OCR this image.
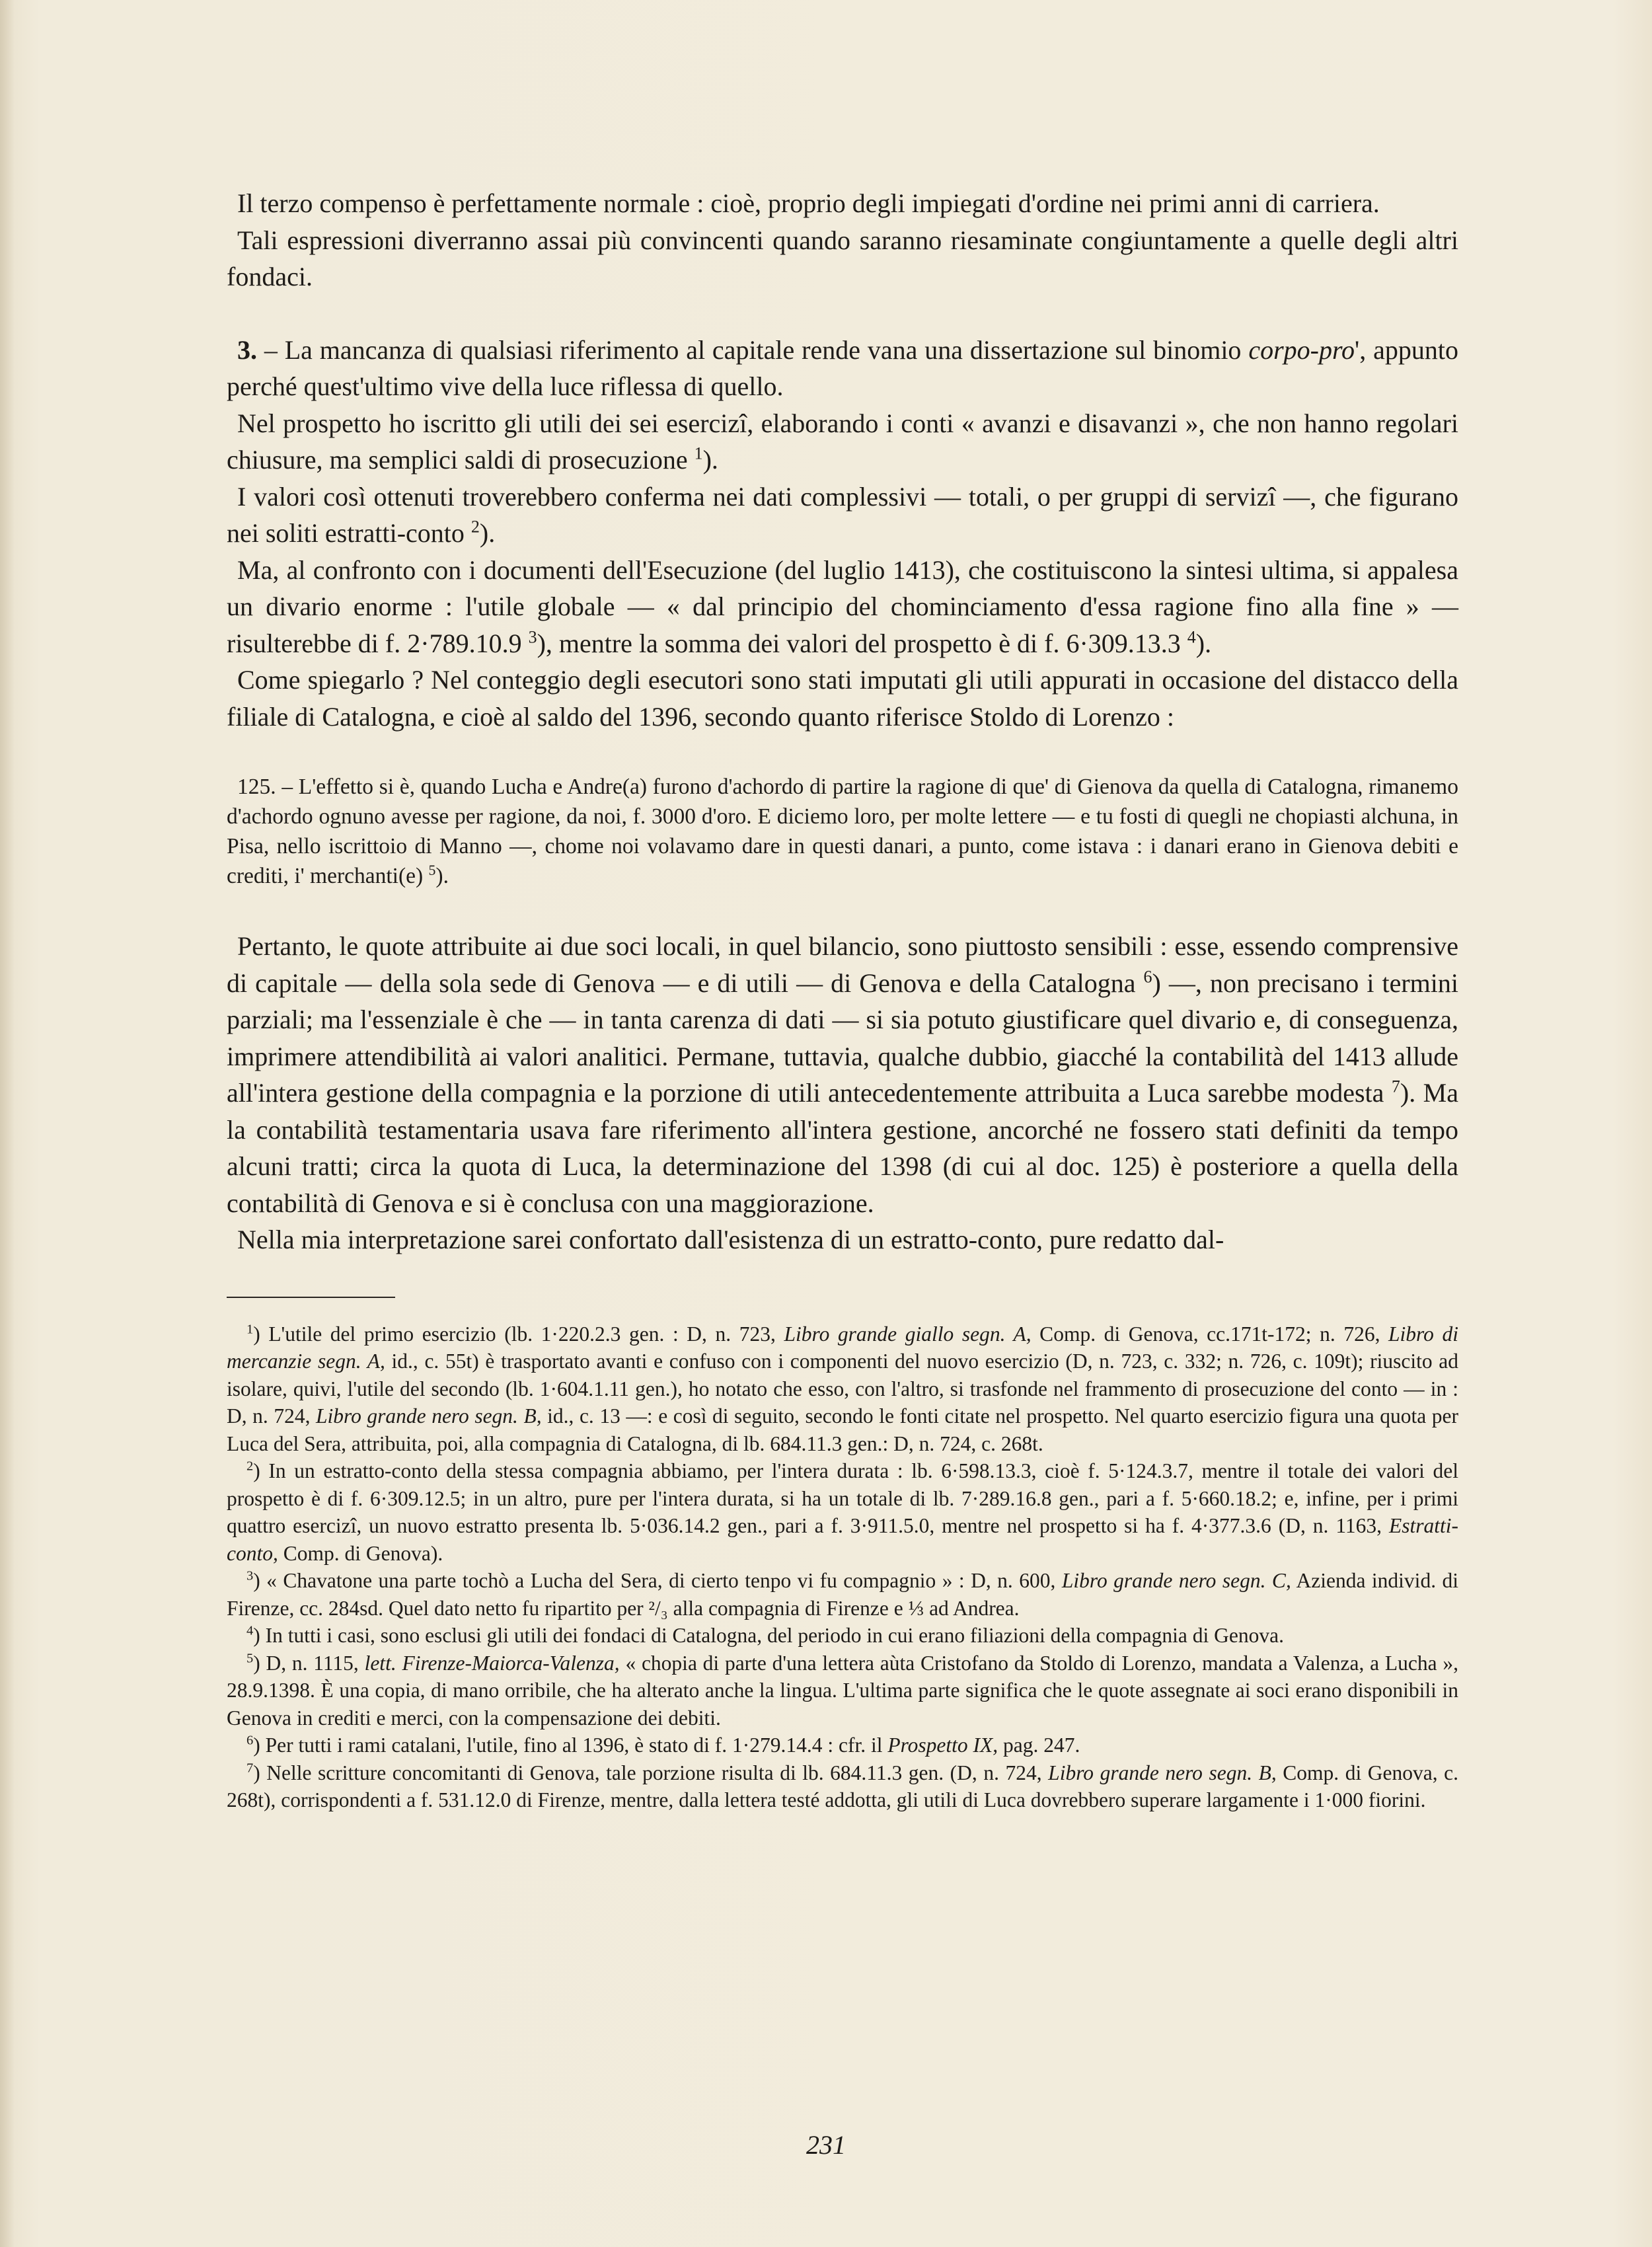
Il terzo compenso è perfettamente normale : cioè, proprio degli impiegati d'ordine nei primi anni di carriera.

Tali espressioni diverranno assai più convincenti quando saranno riesaminate congiuntamente a quelle degli altri fondaci.

3. – La mancanza di qualsiasi riferimento al capitale rende vana una dissertazione sul binomio corpo-pro', appunto perché quest'ultimo vive della luce riflessa di quello.

Nel prospetto ho iscritto gli utili dei sei esercizî, elaborando i conti « avanzi e disavanzi », che non hanno regolari chiusure, ma semplici saldi di prosecuzione $^1$).

I valori così ottenuti troverebbero conferma nei dati complessivi — totali, o per gruppi di servizî —, che figurano nei soliti estratti-conto $^2$).

Ma, al confronto con i documenti dell'Esecuzione (del luglio 1413), che costituiscono la sintesi ultima, si appalesa un divario enorme : l'utile globale — « dal principio del chominciamento d'essa ragione fino alla fine » — risulterebbe di f. 2·789.10.9 $^3$), mentre la somma dei valori del prospetto è di f. 6·309.13.3 $^4$).

Come spiegarlo ? Nel conteggio degli esecutori sono stati imputati gli utili appurati in occasione del distacco della filiale di Catalogna, e cioè al saldo del 1396, secondo quanto riferisce Stoldo di Lorenzo :

125. – L'effetto si è, quando Lucha e Andre(a) furono d'achordo di partire la ragione di que' di Gienova da quella di Catalogna, rimanemo d'achordo ognuno avesse per ragione, da noi, f. 3000 d'oro. E diciemo loro, per molte lettere — e tu fosti di quegli ne chopiasti alchuna, in Pisa, nello iscrittoio di Manno —, chome noi volavamo dare in questi danari, a punto, come istava : i danari erano in Gienova debiti e crediti, i' merchanti(e) $^5$).

Pertanto, le quote attribuite ai due soci locali, in quel bilancio, sono piuttosto sensibili : esse, essendo comprensive di capitale — della sola sede di Genova — e di utili — di Genova e della Catalogna $^6$) —, non precisano i termini parziali; ma l'essenziale è che — in tanta carenza di dati — si sia potuto giustificare quel divario e, di conseguenza, imprimere attendibilità ai valori analitici. Permane, tuttavia, qualche dubbio, giacché la contabilità del 1413 allude all'intera gestione della compagnia e la porzione di utili antecedentemente attribuita a Luca sarebbe modesta $^7$). Ma la contabilità testamentaria usava fare riferimento all'intera gestione, ancorché ne fossero stati definiti da tempo alcuni tratti; circa la quota di Luca, la determinazione del 1398 (di cui al doc. 125) è posteriore a quella della contabilità di Genova e si è conclusa con una maggiorazione.

Nella mia interpretazione sarei confortato dall'esistenza di un estratto-conto, pure redatto dal-

$^1$) L'utile del primo esercizio (lb. 1·220.2.3 gen. : D, n. 723, Libro grande giallo segn. A, Comp. di Genova, cc.171t-172; n. 726, Libro di mercanzie segn. A, id., c. 55t) è trasportato avanti e confuso con i componenti del nuovo esercizio (D, n. 723, c. 332; n. 726, c. 109t); riuscito ad isolare, quivi, l'utile del secondo (lb. 1·604.1.11 gen.), ho notato che esso, con l'altro, si trasfonde nel frammento di prosecuzione del conto — in : D, n. 724, Libro grande nero segn. B, id., c. 13 —: e così di seguito, secondo le fonti citate nel prospetto. Nel quarto esercizio figura una quota per Luca del Sera, attribuita, poi, alla compagnia di Catalogna, di lb. 684.11.3 gen.: D, n. 724, c. 268t.

$^2$) In un estratto-conto della stessa compagnia abbiamo, per l'intera durata : lb. 6·598.13.3, cioè f. 5·124.3.7, mentre il totale dei valori del prospetto è di f. 6·309.12.5; in un altro, pure per l'intera durata, si ha un totale di lb. 7·289.16.8 gen., pari a f. 5·660.18.2; e, infine, per i primi quattro esercizî, un nuovo estratto presenta lb. 5·036.14.2 gen., pari a f. 3·911.5.0, mentre nel prospetto si ha f. 4·377.3.6 (D, n. 1163, Estratti-conto, Comp. di Genova).

$^3$) « Chavatone una parte tochò a Lucha del Sera, di cierto tenpo vi fu compagnio » : D, n. 600, Libro grande nero segn. C, Azienda individ. di Firenze, cc. 284sd. Quel dato netto fu ripartito per ²/₃ alla compagnia di Firenze e ⅓ ad Andrea.

$^4$) In tutti i casi, sono esclusi gli utili dei fondaci di Catalogna, del periodo in cui erano filiazioni della compagnia di Genova.

$^5$) D, n. 1115, lett. Firenze-Maiorca-Valenza, « chopia di parte d'una lettera aùta Cristofano da Stoldo di Lorenzo, mandata a Valenza, a Lucha », 28.9.1398. È una copia, di mano orribile, che ha alterato anche la lingua. L'ultima parte significa che le quote assegnate ai soci erano disponibili in Genova in crediti e merci, con la compensazione dei debiti.

$^6$) Per tutti i rami catalani, l'utile, fino al 1396, è stato di f. 1·279.14.4 : cfr. il Prospetto IX, pag. 247.

$^7$) Nelle scritture concomitanti di Genova, tale porzione risulta di lb. 684.11.3 gen. (D, n. 724, Libro grande nero segn. B, Comp. di Genova, c. 268t), corrispondenti a f. 531.12.0 di Firenze, mentre, dalla lettera testé addotta, gli utili di Luca dovrebbero superare largamente i 1·000 fiorini.

231
